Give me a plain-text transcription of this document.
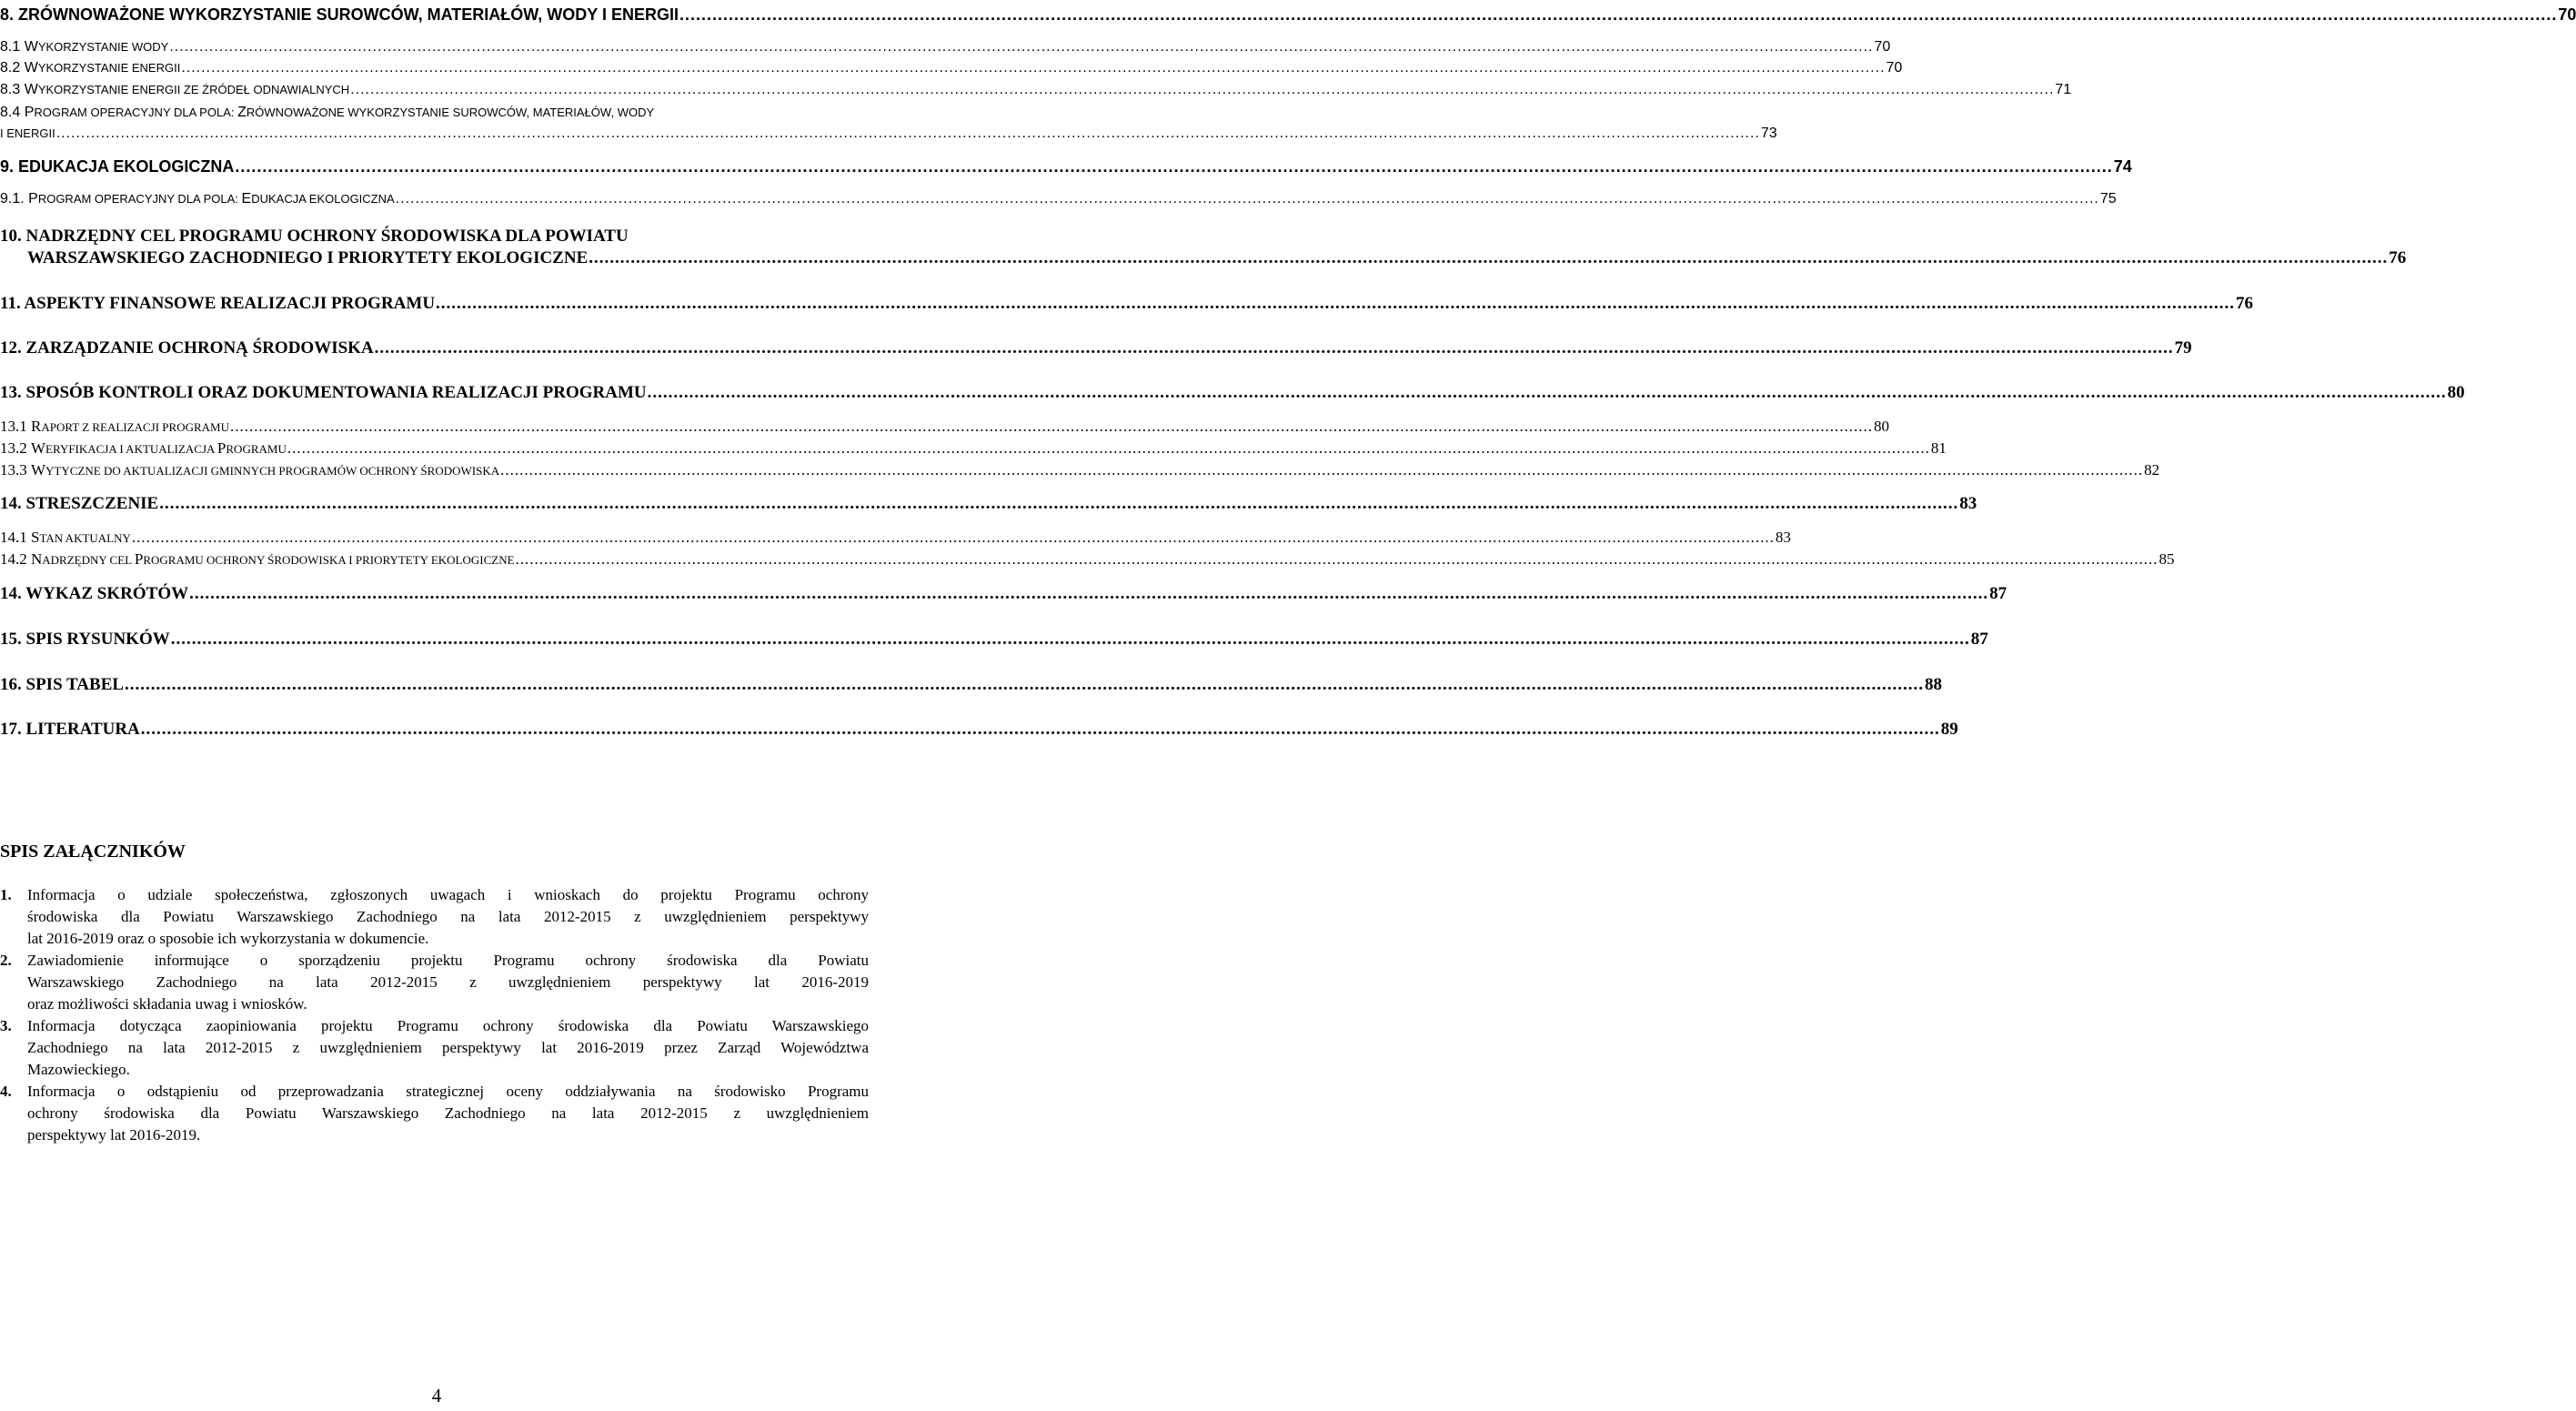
8. ZRÓWNOWAŻONE WYKORZYSTANIE SUROWCÓW, MATERIAŁÓW, WODY I ENERGII .....	70
8.1 WYKORZYSTANIE WODY .....	70
8.2 WYKORZYSTANIE ENERGII .....	70
8.3 WYKORZYSTANIE ENERGII ZE ŹRÓDEŁ ODNAWIALNYCH .....	71
8.4 PROGRAM OPERACYJNY DLA POLA: ZRÓWNOWAŻONE WYKORZYSTANIE SUROWCÓW, MATERIAŁÓW, WODY
I ENERGII .....	73
9. EDUKACJA EKOLOGICZNA .....	74
9.1. PROGRAM OPERACYJNY DLA POLA: EDUKACJA EKOLOGICZNA .....	75
10. NADRZĘDNY CEL PROGRAMU OCHRONY ŚRODOWISKA DLA POWIATU
WARSZAWSKIEGO ZACHODNIEGO I PRIORYTETY EKOLOGICZNE .....	76
11. ASPEKTY FINANSOWE REALIZACJI PROGRAMU .....	76
12. ZARZĄDZANIE OCHRONĄ ŚRODOWISKA .....	79
13. SPOSÓB KONTROLI ORAZ DOKUMENTOWANIA REALIZACJI PROGRAMU .....	80
13.1 RAPORT Z REALIZACJI PROGRAMU .....	80
13.2 WERYFIKACJA I AKTUALIZACJA PROGRAMU .....	81
13.3 WYTYCZNE DO AKTUALIZACJI GMINNYCH PROGRAMÓW OCHRONY ŚRODOWISKA .....	82
14. STRESZCZENIE .....	83
14.1 STAN AKTUALNY .....	83
14.2 NADRZĘDNY CEL PROGRAMU OCHRONY ŚRODOWISKA I PRIORYTETY EKOLOGICZNE .....	85
14. WYKAZ SKRÓTÓW .....	87
15. SPIS RYSUNKÓW .....	87
16. SPIS TABEL .....	88
17. LITERATURA .....	89
SPIS ZAŁĄCZNIKÓW
1.	Informacja o udziale społeczeństwa, zgłoszonych uwagach i wnioskach do projektu Programu ochrony
środowiska dla Powiatu Warszawskiego Zachodniego na lata 2012-2015 z uwzględnieniem perspektywy
lat 2016-2019 oraz o sposobie ich wykorzystania w dokumencie.
2.	Zawiadomienie informujące o sporządzeniu projektu Programu ochrony środowiska dla Powiatu
Warszawskiego Zachodniego na lata 2012-2015 z uwzględnieniem perspektywy lat 2016-2019
oraz możliwości składania uwag i wniosków.
3.	Informacja dotycząca zaopiniowania projektu Programu ochrony środowiska dla Powiatu Warszawskiego
Zachodniego na lata 2012-2015 z uwzględnieniem perspektywy lat 2016-2019 przez Zarząd Województwa
Mazowieckiego.
4.	Informacja o odstąpieniu od przeprowadzania strategicznej oceny oddziaływania na środowisko Programu
ochrony środowiska dla Powiatu Warszawskiego Zachodniego na lata 2012-2015 z uwzględnieniem
perspektywy lat 2016-2019.
4
